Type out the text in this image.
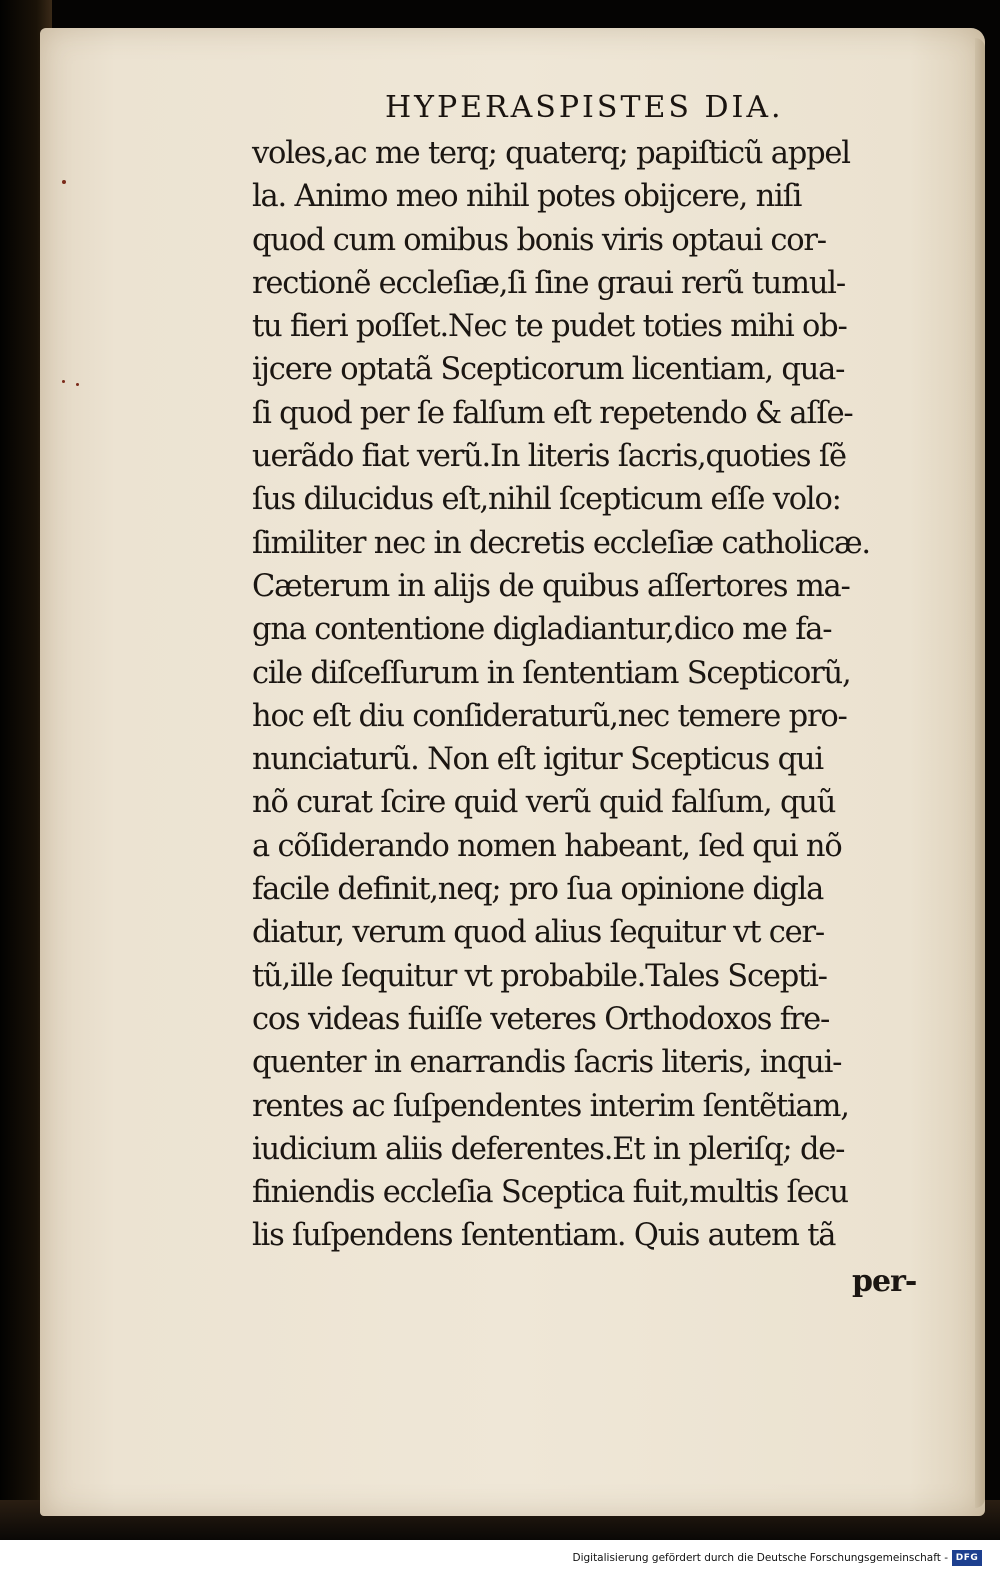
HYPERASPISTES DIA.
voles,ac me terq; quaterq; papiſticũ appel
la. Animo meo nihil potes obijcere, niſi
quod cum omibus bonis viris optaui cor-
rectionẽ eccleſiæ,ſi ſine graui rerũ tumul-
tu fieri poſſet.Nec te pudet toties mihi ob-
ijcere optatã Scepticorum licentiam, qua-
ſi quod per ſe falſum eſt repetendo & aſſe-
uerãdo fiat verũ.In literis ſacris,quoties ſẽ
ſus dilucidus eſt,nihil ſcepticum eſſe volo:
ſimiliter nec in decretis eccleſiæ catholicæ.
Cæterum in alijs de quibus aſſertores ma-
gna contentione digladiantur,dico me fa-
cile diſceſſurum in ſententiam Scepticorũ,
hoc eſt diu conſideraturũ,nec temere pro-
nunciaturũ. Non eſt igitur Scepticus qui
nõ curat ſcire quid verũ quid falſum, quũ
a cõſiderando nomen habeant, ſed qui nõ
facile definit,neq; pro ſua opinione digla
diatur, verum quod alius ſequitur vt cer-
tũ,ille ſequitur vt probabile.Tales Scepti-
cos videas fuiſſe veteres Orthodoxos fre-
quenter in enarrandis ſacris literis, inqui-
rentes ac ſuſpendentes interim ſentẽtiam,
iudicium aliis deferentes.Et in pleriſq; de-
finiendis eccleſia Sceptica fuit,multis ſecu
lis ſuſpendens ſententiam. Quis autem tã
per-
Digitalisierung gefördert durch die Deutsche Forschungsgemeinschaft - DFG
